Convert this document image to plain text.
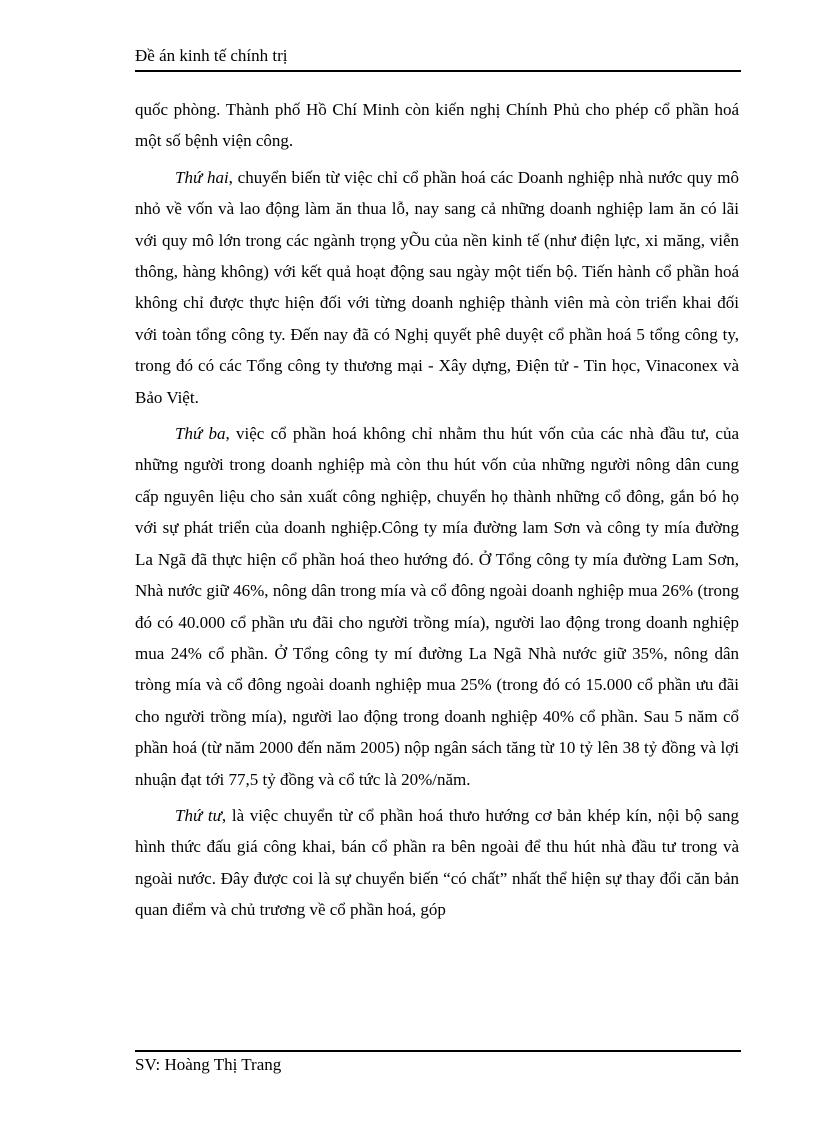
Đề án kinh tế chính trị

quốc phòng. Thành phố Hồ Chí Minh còn kiến nghị Chính Phủ cho phép cổ phần hoá một số bệnh viện công.

Thứ hai, chuyển biến từ việc chỉ cổ phần hoá các Doanh nghiệp nhà nước quy mô nhỏ về vốn và lao động làm ăn thua lỗ, nay sang cả những doanh nghiệp lam ăn có lãi với quy mô lớn trong các ngành trọng yÕu của nền kinh tế (như điện lực, xi măng, viễn thông, hàng không) với kết quả hoạt động sau ngày một tiến bộ. Tiến hành cổ phần hoá không chỉ được thực hiện đối với từng doanh nghiệp thành viên mà còn triển khai đối với toàn tổng công ty. Đến nay đã có Nghị quyết phê duyệt cổ phần hoá 5 tổng công ty, trong đó có các Tổng công ty thương mại - Xây dựng, Điện tử - Tin học, Vinaconex và Bảo Việt.

Thứ ba, việc cổ phần hoá không chỉ nhằm thu hút vốn của các nhà đầu tư, của những người trong doanh nghiệp mà còn thu hút vốn của những người nông dân cung cấp nguyên liệu cho sản xuất công nghiệp, chuyển họ thành những cổ đông, gắn bó họ với sự phát triển của doanh nghiệp.Công ty mía đường lam Sơn và công ty mía đường La Ngã đã thực hiện cổ phần hoá theo hướng đó. Ở Tổng công ty mía đường Lam Sơn, Nhà nước giữ 46%, nông dân trong mía và cổ đông ngoài doanh nghiệp mua 26% (trong đó có 40.000 cổ phần ưu đãi cho người trồng mía), người lao động trong doanh nghiệp mua 24% cổ phần. Ở Tổng công ty mí đường La Ngã Nhà nước giữ 35%, nông dân tròng mía và cổ đông ngoài doanh nghiệp mua 25% (trong đó có 15.000 cổ phần ưu đãi cho người trồng mía), người lao động trong doanh nghiệp 40% cổ phần. Sau 5 năm cổ phần hoá (từ năm 2000 đến năm 2005) nộp ngân sách tăng từ 10 tỷ lên 38 tỷ đồng và lợi nhuận đạt tới 77,5 tỷ đồng và cổ tức là 20%/năm.

Thứ tư, là việc chuyển từ cổ phần hoá thưo hướng cơ bản khép kín, nội bộ sang hình thức đấu giá công khai, bán cổ phần ra bên ngoài để thu hút nhà đầu tư trong và ngoài nước. Đây được coi là sự chuyển biến “có chất” nhất thể hiện sự thay đổi căn bản quan điểm và chủ trương về cổ phần hoá, góp

SV: Hoàng Thị Trang
